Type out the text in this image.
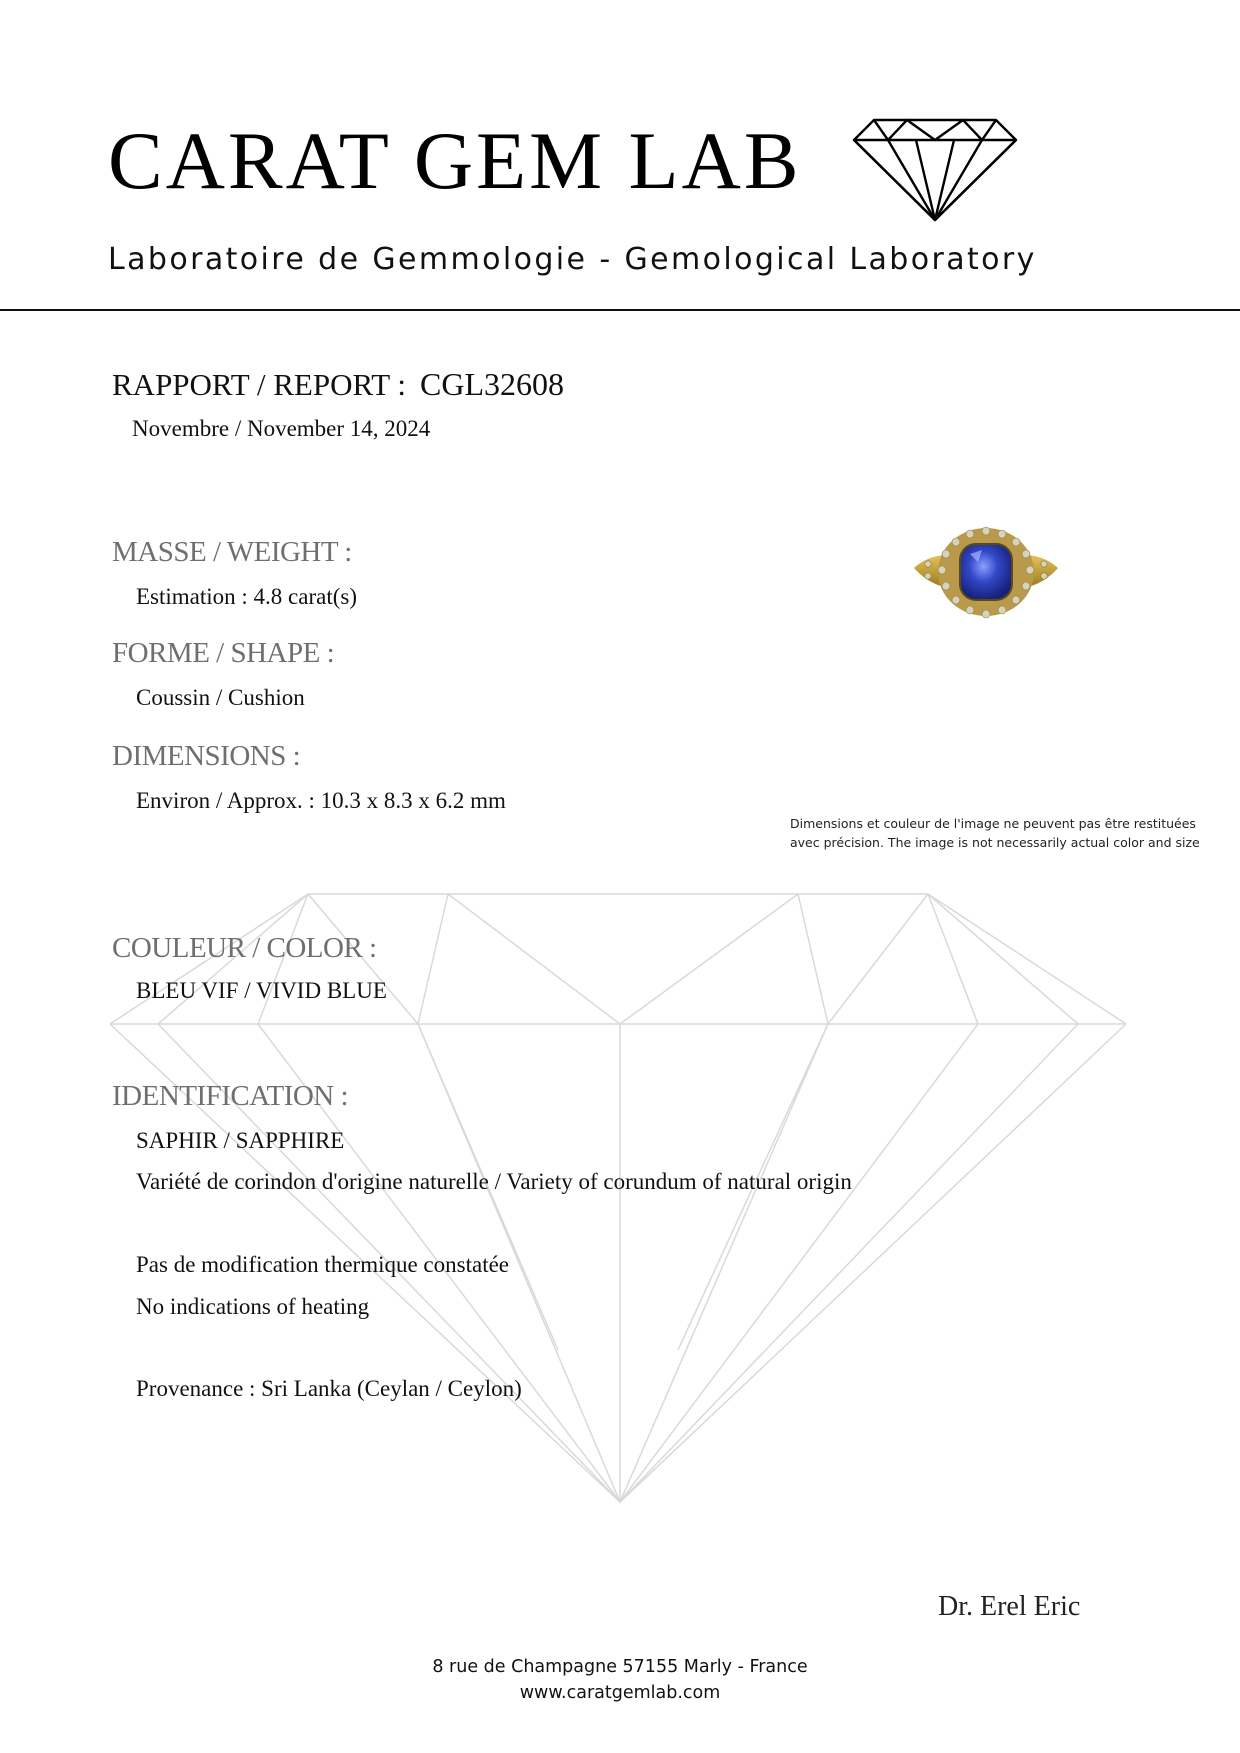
CARAT GEM LAB
Laboratoire de Gemmologie - Gemological Laboratory
RAPPORT / REPORT : CGL32608
Novembre / November 14, 2024
MASSE / WEIGHT :
Estimation : 4.8 carat(s)
FORME / SHAPE :
Coussin / Cushion
DIMENSIONS :
Environ / Approx. : 10.3 x 8.3 x 6.2 mm
Dimensions et couleur de l'image ne peuvent pas être restituées
avec précision. The image is not necessarily actual color and size
COULEUR / COLOR :
BLEU VIF / VIVID BLUE
IDENTIFICATION :
SAPHIR / SAPPHIRE
Variété de corindon d'origine naturelle / Variety of corundum of natural origin
Pas de modification thermique constatée
No indications of heating
Provenance : Sri Lanka (Ceylan / Ceylon)
Dr. Erel Eric
8 rue de Champagne 57155 Marly - France
www.caratgemlab.com
